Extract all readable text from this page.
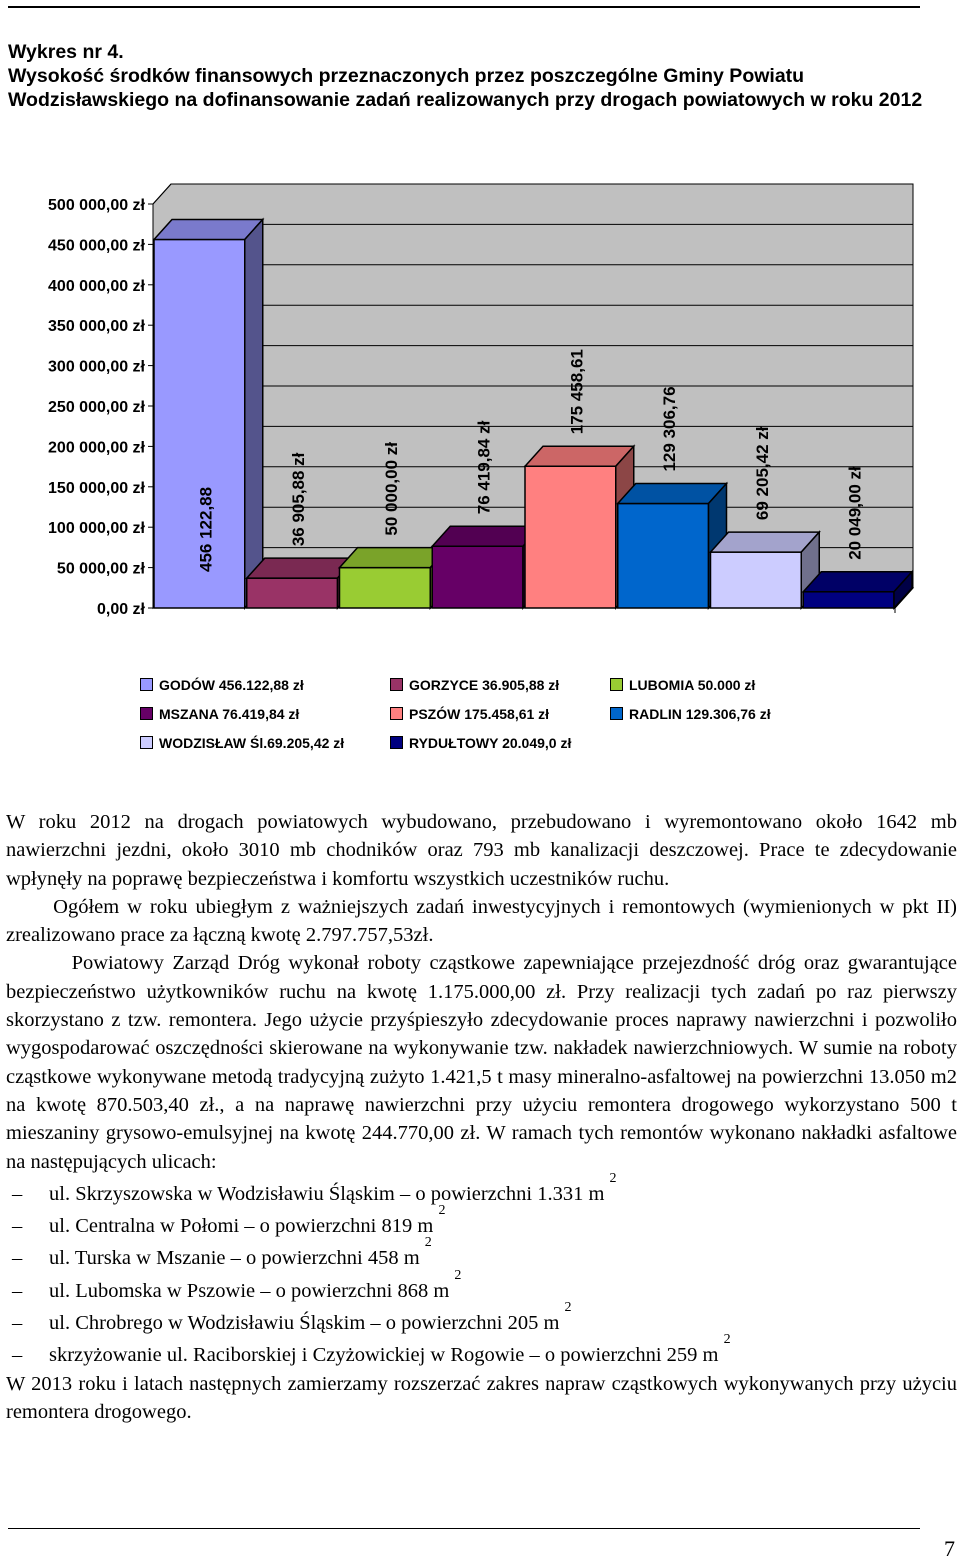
Wykres nr 4.
Wysokość środków finansowych przeznaczonych przez poszczególne Gminy Powiatu
Wodzisławskiego na dofinansowanie zadań realizowanych przy drogach powiatowych w roku 2012
0,00 zł
50 000,00 zł
100 000,00 zł
150 000,00 zł
200 000,00 zł
250 000,00 zł
300 000,00 zł
350 000,00 zł
400 000,00 zł
450 000,00 zł
500 000,00 zł
456 122,88	36 905,88 zł	50 000,00 zł	76 419,84 zł
175 458,61	129 306,76	69 205,42 zł	20 049,00 zł
GODÓW 456.122,88 zł	GORZYCE 36.905,88 zł	LUBOMIA 50.000 zł
MSZANA 76.419,84 zł	PSZÓW 175.458,61 zł	RADLIN 129.306,76 zł
WODZISŁAW Śl.69.205,42 zł	RYDUŁTOWY 20.049,0 zł

W roku 2012 na drogach powiatowych wybudowano, przebudowano i wyremontowano około 1642 mb nawierzchni jezdni, około 3010 mb chodników oraz 793 mb kanalizacji deszczowej. Prace te zdecydowanie wpłynęły na poprawę bezpieczeństwa i komfortu wszystkich uczestników ruchu.

Ogółem w roku ubiegłym z ważniejszych zadań inwestycyjnych i remontowych (wymienionych w pkt II) zrealizowano prace za łączną kwotę 2.797.757,53zł.

Powiatowy Zarząd Dróg wykonał roboty cząstkowe zapewniające przejezdność dróg oraz gwarantujące bezpieczeństwo użytkowników ruchu na kwotę 1.175.000,00 zł. Przy realizacji tych zadań po raz pierwszy skorzystano z tzw. remontera. Jego użycie przyśpieszyło zdecydowanie proces naprawy nawierzchni i pozwoliło wygospodarować oszczędności skierowane na wykonywanie tzw. nakładek nawierzchniowych. W sumie na roboty cząstkowe wykonywane metodą tradycyjną zużyto 1.421,5 t masy mineralno-asfaltowej na powierzchni 13.050 m2 na kwotę 870.503,40 zł., a na naprawę nawierzchni przy użyciu remontera drogowego wykorzystano 500 t mieszaniny grysowo-emulsyjnej na kwotę 244.770,00 zł. W ramach tych remontów wykonano nakładki asfaltowe na następujących ulicach:

– ul. Skrzyszowska w Wodzisławiu Śląskim – o powierzchni 1.331 m $^2$
– ul. Centralna w Połomi – o powierzchni 819 m $^2$
– ul. Turska w Mszanie – o powierzchni 458 m $^2$
– ul. Lubomska w Pszowie – o powierzchni 868 m $^2$
– ul. Chrobrego w Wodzisławiu Śląskim – o powierzchni 205 m $^2$
– skrzyżowanie ul. Raciborskiej i Czyżowickiej w Rogowie – o powierzchni 259 m $^2$

W 2013 roku i latach następnych zamierzamy rozszerzać zakres napraw cząstkowych wykonywanych przy użyciu remontera drogowego.

7
